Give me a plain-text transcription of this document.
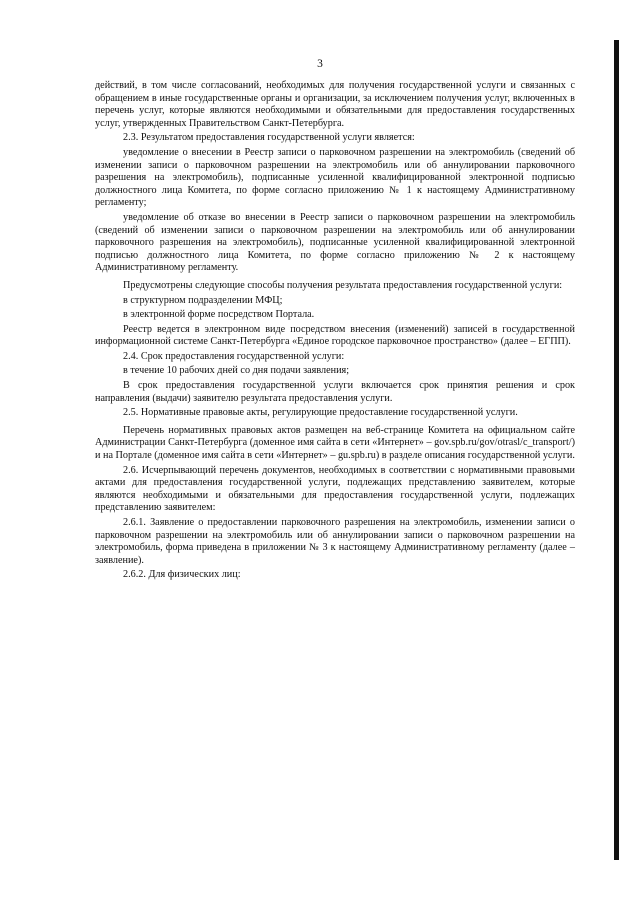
3

действий, в том числе согласований, необходимых для получения государственной услуги и связанных с обращением в иные государственные органы и организации, за исключением получения услуг, включенных в перечень услуг, которые являются необходимыми и обязательными для предоставления государственных услуг, утвержденных Правительством Санкт-Петербурга.

2.3. Результатом предоставления государственной услуги является:

уведомление о внесении в Реестр записи о парковочном разрешении на электромобиль (сведений об изменении записи о парковочном разрешении на электромобиль или об аннулировании парковочного разрешения на электромобиль), подписанные усиленной квалифицированной электронной подписью должностного лица Комитета, по форме согласно приложению № 1 к настоящему Административному регламенту;

уведомление об отказе во внесении в Реестр записи о парковочном разрешении на электромобиль (сведений об изменении записи о парковочном разрешении на электромобиль или об аннулировании парковочного разрешения на электромобиль), подписанные усиленной квалифицированной электронной подписью должностного лица Комитета, по форме согласно приложению № 2 к настоящему Административному регламенту.

Предусмотрены следующие способы получения результата предоставления государственной услуги:

в структурном подразделении МФЦ;

в электронной форме посредством Портала.

Реестр ведется в электронном виде посредством внесения (изменений) записей в государственной информационной системе Санкт-Петербурга «Единое городское парковочное пространство» (далее – ЕГПП).

2.4. Срок предоставления государственной услуги:

в течение 10 рабочих дней со дня подачи заявления;

В срок предоставления государственной услуги включается срок принятия решения и срок направления (выдачи) заявителю результата предоставления услуги.

2.5. Нормативные правовые акты, регулирующие предоставление государственной услуги.

Перечень нормативных правовых актов размещен на веб-странице Комитета на официальном сайте Администрации Санкт-Петербурга (доменное имя сайта в сети «Интернет» – gov.spb.ru/gov/otrasl/c_transport/) и на Портале (доменное имя сайта в сети «Интернет» – gu.spb.ru) в разделе описания государственной услуги.

2.6. Исчерпывающий перечень документов, необходимых в соответствии с нормативными правовыми актами для предоставления государственной услуги, подлежащих представлению заявителем, которые являются необходимыми и обязательными для предоставления государственной услуги, подлежащих представлению заявителем:

2.6.1. Заявление о предоставлении парковочного разрешения на электромобиль, изменении записи о парковочном разрешении на электромобиль или об аннулировании записи о парковочном разрешении на электромобиль, форма приведена в приложении № 3 к настоящему Административному регламенту (далее – заявление).

2.6.2. Для физических лиц:
